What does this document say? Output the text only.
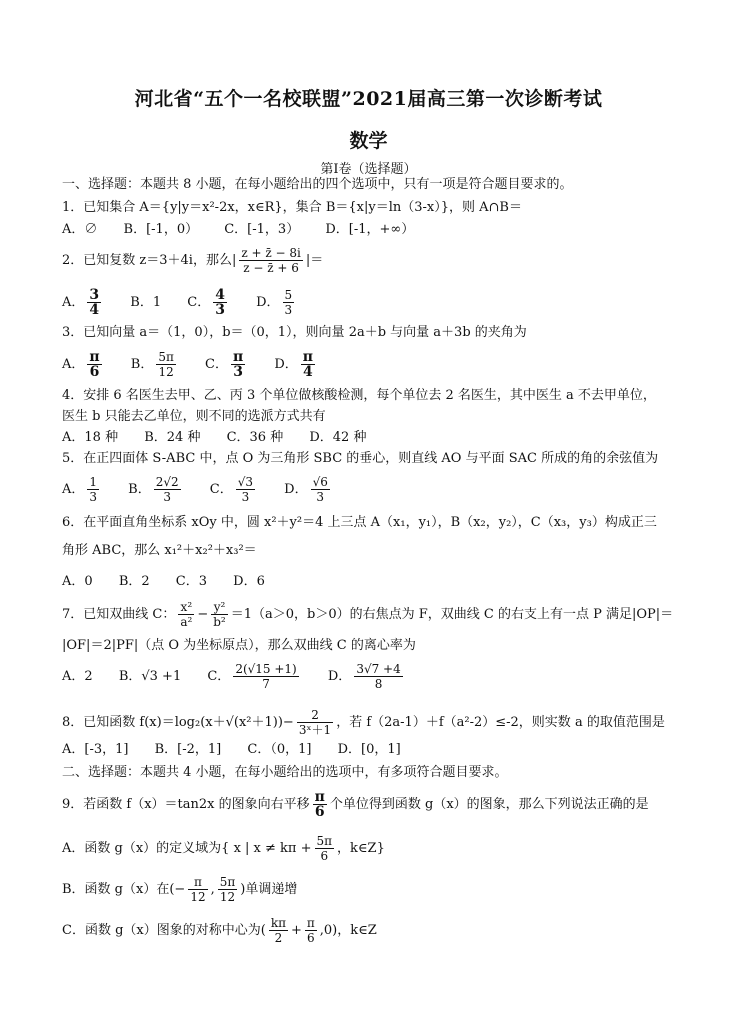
河北省“五个一名校联盟”2021届高三第一次诊断考试
数学
第Ⅰ卷（选择题）
一、选择题：本题共 8 小题，在每小题给出的四个选项中，只有一项是符合题目要求的。
1．已知集合 A＝{y|y＝x²-2x，x∈R}，集合 B＝{x|y＝ln（3-x）}，则 A∩B＝
A．∅ B．[-1，0） C．[-1，3） D．[-1，+∞）
2．已知复数 z＝3＋4i，那么| $\frac{z + z̄ - 8i}{z - z̄ + 6}$ |＝
A． $\frac{3}{4}$ B．1 C． $\frac{4}{3}$ D． $\frac{5}{3}$
3．已知向量 a＝（1，0），b＝（0，1），则向量 2a＋b 与向量 a＋3b 的夹角为
A． $\frac{\pi}{6}$ B． $\frac{5\pi}{12}$ C． $\frac{\pi}{3}$ D． $\frac{\pi}{4}$
4．安排 6 名医生去甲、乙、丙 3 个单位做核酸检测，每个单位去 2 名医生，其中医生 a 不去甲单位，
医生 b 只能去乙单位，则不同的选派方式共有
A．18 种 B．24 种 C．36 种 D．42 种
5．在正四面体 S-ABC 中，点 O 为三角形 SBC 的垂心，则直线 AO 与平面 SAC 所成的角的余弦值为
A． $\frac{1}{3}$ B． $\frac{2√2}{3}$ C． $\frac{√3}{3}$ D． $\frac{√6}{3}$
6．在平面直角坐标系 xOy 中，圆 x²＋y²＝4 上三点 A（x₁，y₁），B（x₂，y₂），C（x₃，y₃）构成正三
角形 ABC，那么 x₁²＋x₂²＋x₃²＝
A．0 B．2 C．3 D．6
7．已知双曲线 C： $\frac{\text{x²}}{\text{a²}} - \frac{\text{y²}}{\text{b²}} =1(a>0$，b＞0）的右焦点为 F，双曲线 C 的右支上有一点 P 满足|OP|＝
|OF|＝2|PF|（点 O 为坐标原点），那么双曲线 C 的离心率为
A．2 B．√3 +1 C． $\frac{2(√15 +1)}{7}$ D． $\frac{3√7 +4}{8}$
8．已知函数 $f(x)=\log_2(x+√(x^2+1))- \frac{2}{\text{3ˣ＋1}}$ ，若 f（2a-1）＋f（a²-2）≤-2，则实数 a 的取值范围是
A．[-3，1] B．[-2，1] C．（0，1] D．[0，1]
二、选择题：本题共 4 小题，在每小题给出的选项中，有多项符合题目要求。
9．若函数 f（x）＝tan2x 的图象向右平移 $\frac{\pi}{6}$ 个单位得到函数 g（x）的图象，那么下列说法正确的是
A．函数 g（x）的定义域为{ x | $x \ne k\pi + \frac{5\pi}{6}$ ，k∈Z}
B．函数 g（x）在(− $\frac{\pi}{12}$ , $\frac{5\pi}{12}$ )单调递增
C．函数 g（x）图象的对称中心为( $\frac{k\pi}{2} + \frac{\pi}{6} ,0$)，k∈Z
